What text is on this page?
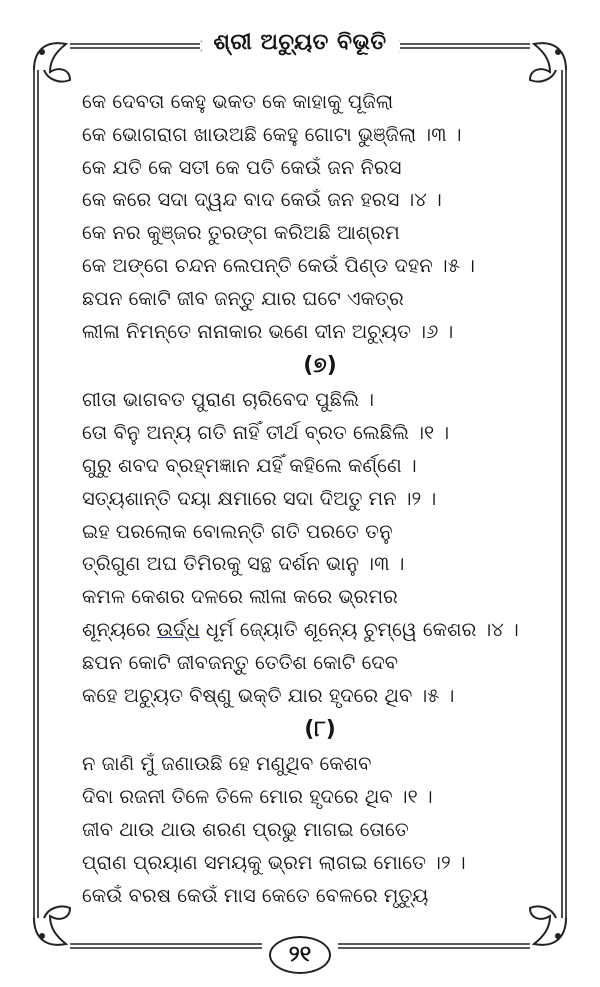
ଶ୍ରୀ ଅଚ୍ୟୁତ ବିଭୂତି
କେ ଦେବତା କେହୁ ଭକତ କେ କାହାକୁ ପୂଜିଲା
କେ ଭୋଗରାଗ ଖାଉଅଛି କେହୁ ଗୋଟା ଭୁଞ୍ଜିଲା ।୩ ।
କେ ଯତି କେ ସତୀ କେ ପତି କେଉଁ ଜନ ନିରସ
କେ କରେ ସଦା ଦ୍ୱନ୍ଦ ବାଦ କେଉଁ ଜନ ହରସ ।୪ ।
କେ ନର କୁଞ୍ଜର ତୁରଙ୍ଗ କରିଅଛି ଆଶ୍ରମ
କେ ଅଙ୍ଗେ ଚନ୍ଦନ ଲେପନ୍ତି କେଉଁ ପିଣ୍ଡ ଦହନ ।୫ ।
ଛପନ କୋଟି ଜୀବ ଜନ୍ତୁ ଯାର ଘଟେ ଏକତ୍ର
ଲୀଳା ନିମନ୍ତେ ନାନାକାର ଭଣେ ଦୀନ ଅଚ୍ୟୁତ ।୬ ।
(୭)
ଗୀତା ଭାଗବତ ପୁରାଣ ଚାରିବେଦ ପୁଛିଲି ।
ତୋ ବିନୁ ଅନ୍ୟ ଗତି ନାହିଁ ତୀର୍ଥ ବ୍ରତ ଲେଛିଲି ।୧ ।
ଗୁରୁ ଶବଦ ବ୍ରହ୍ମଜ୍ଞାନ ଯହିଁ କହିଲେ କର୍ଣ୍ଣେ ।
ସତ୍ୟଶାନ୍ତି ଦୟା କ୍ଷମାରେ ସଦା ଦିଅତୁ ମନ ।୨ ।
ଇହ ପରଲୋକ ବୋଲନ୍ତି ଗତି ପରତେ ତନୁ
ତ୍ରିଗୁଣ ଅଘ ତିମିରକୁ ସନ୍ଥ ଦର୍ଶନ ଭାନୁ ।୩ ।
କମଳ କେଶର ଦଳରେ ଲୀଳା କରେ ଭ୍ରମର
ଶୂନ୍ୟରେ ଉର୍ଦ୍ଧ ଧୂର୍ମ ଜ୍ୟୋତି ଶୂନ୍ୟେ ଚୁମ୍ୱେ କେଶର ।୪ ।
ଛପନ କୋଟି ଜୀବଜନ୍ତୁ ତେତିଶ କୋଟି ଦେବ
କହେ ଅଚ୍ୟୁତ ବିଷ୍ଣୁ ଭକ୍ତି ଯାର ହୃଦରେ ଥିବ ।୫ ।
(୮)
ନ ଜାଣି ମୁଁ ଜଣାଉଛି ହେ ମଣୁଥିବ କେଶବ
ଦିବା ରଜନୀ ତିଳେ ତିଳେ ମୋର ହୃଦରେ ଥିବ ।୧ ।
ଜୀବ ଥାଉ ଥାଉ ଶରଣ ପ୍ରଭୁ ମାଗଇ ତୋତେ
ପ୍ରାଣ ପ୍ରୟାଣ ସମୟକୁ ଭ୍ରମ ଲାଗଇ ମୋତେ ।୨ ।
କେଉଁ ବରଷ କେଉଁ ମାସ କେତେ ବେଳରେ ମୃତ୍ୟୁ
୨୧
